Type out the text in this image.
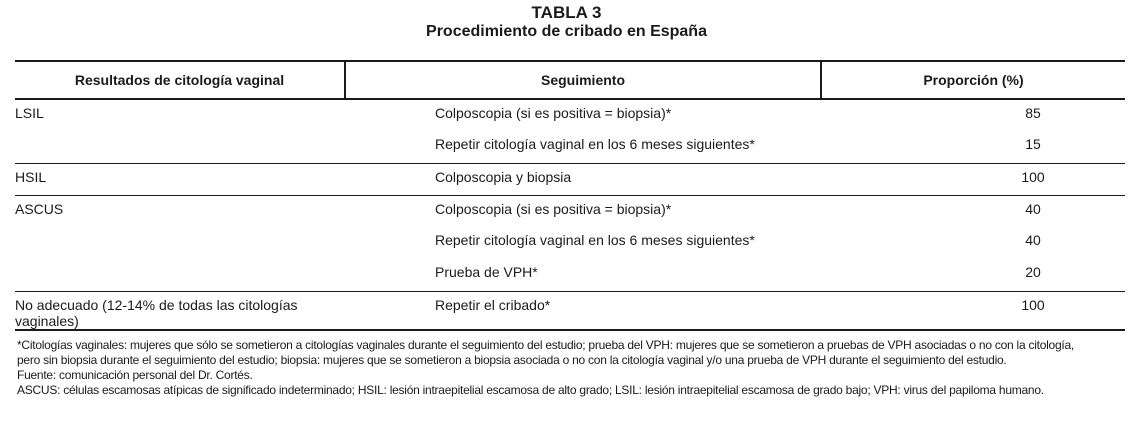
TABLA 3
Procedimiento de cribado en España
Resultados de citología vaginal	Seguimiento	Proporción (%)
LSIL	Colposcopia (si es positiva = biopsia)*	85
	Repetir citología vaginal en los 6 meses siguientes*	15
HSIL	Colposcopia y biopsia	100
ASCUS	Colposcopia (si es positiva = biopsia)*	40
	Repetir citología vaginal en los 6 meses siguientes*	40
	Prueba de VPH*	20
No adecuado (12-14% de todas las citologías vaginales)	Repetir el cribado*	100
*Citologías vaginales: mujeres que sólo se sometieron a citologías vaginales durante el seguimiento del estudio; prueba del VPH: mujeres que se sometieron a pruebas de VPH asociadas o no con la citología,
pero sin biopsia durante el seguimiento del estudio; biopsia: mujeres que se sometieron a biopsia asociada o no con la citología vaginal y/o una prueba de VPH durante el seguimiento del estudio.
Fuente: comunicación personal del Dr. Cortés.
ASCUS: células escamosas atípicas de significado indeterminado; HSIL: lesión intraepitelial escamosa de alto grado; LSIL: lesión intraepitelial escamosa de grado bajo; VPH: virus del papiloma humano.
